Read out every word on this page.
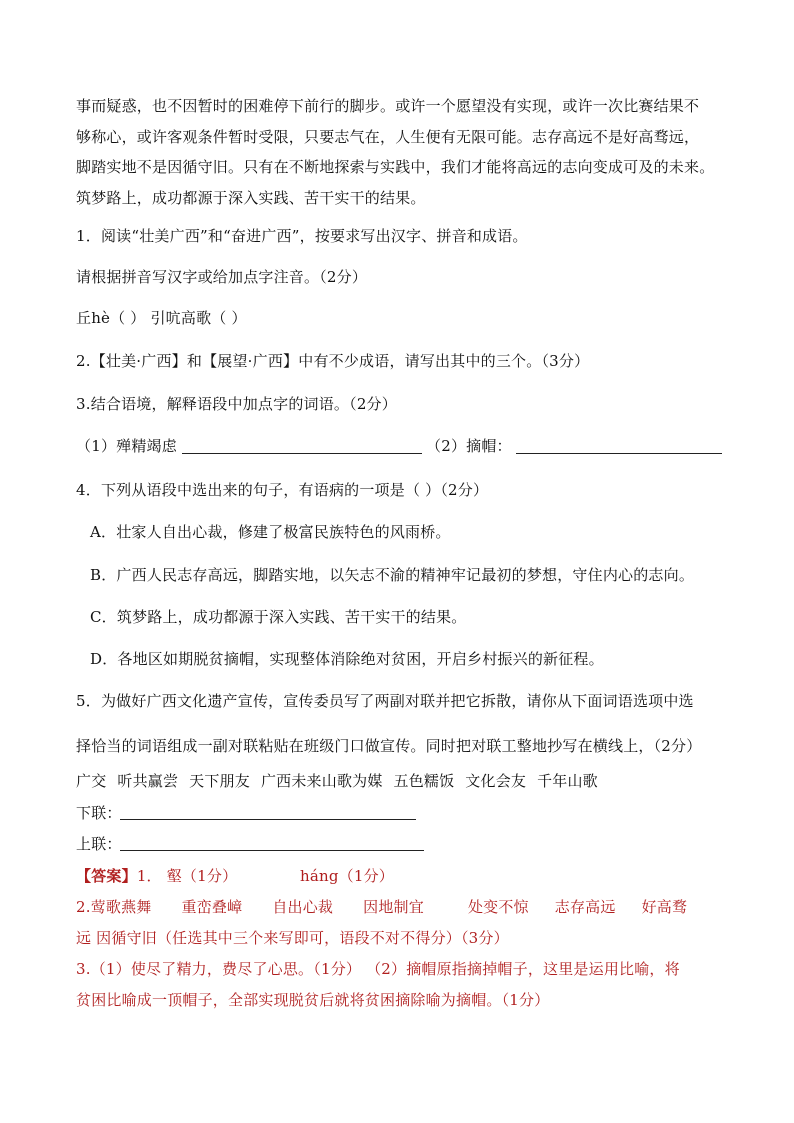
事而疑惑，也不因暂时的困难停下前行的脚步。或许一个愿望没有实现，或许一次比赛结果不
够称心，或许客观条件暂时受限，只要志气在，人生便有无限可能。志存高远不是好高骛远，
脚踏实地不是因循守旧。只有在不断地探索与实践中，我们才能将高远的志向变成可及的未来。
筑梦路上，成功都源于深入实践、苦干实干的结果。
1．阅读“壮美广西”和“奋进广西”，按要求写出汉字、拼音和成语。
请根据拼音写汉字或给加点字注音。（2分）
丘hè（ ） 引吭高歌（ ）
2.【壮美·广西】和【展望·广西】中有不少成语，请写出其中的三个。（3分）
3.结合语境，解释语段中加点字的词语。（2分）
（1）殚精竭虑	（2）摘帽：
4．下列从语段中选出来的句子，有语病的一项是（ ）（2分）
A．壮家人自出心裁，修建了极富民族特色的风雨桥。
B．广西人民志存高远，脚踏实地，以矢志不渝的精神牢记最初的梦想，守住内心的志向。
C．筑梦路上，成功都源于深入实践、苦干实干的结果。
D．各地区如期脱贫摘帽，实现整体消除绝对贫困，开启乡村振兴的新征程。
5．为做好广西文化遗产宣传，宣传委员写了两副对联并把它拆散，请你从下面词语选项中选
择恰当的词语组成一副对联粘贴在班级门口做宣传。同时把对联工整地抄写在横线上，（2分）
广交 听共赢尝 天下朋友 广西未来山歌为媒 五色糯饭 文化会友 千年山歌
下联：
上联：
【答案】1． 壑（1分）	háng（1分）
2.莺歌燕舞 重峦叠嶂 自出心裁 因地制宜	处变不惊 志存高远 好高骛
远 因循守旧（任选其中三个来写即可，语段不对不得分）（3分）
3.（1）使尽了精力，费尽了心思。（1分） （2）摘帽原指摘掉帽子，这里是运用比喻，将
贫困比喻成一顶帽子，全部实现脱贫后就将贫困摘除喻为摘帽。（1分）
